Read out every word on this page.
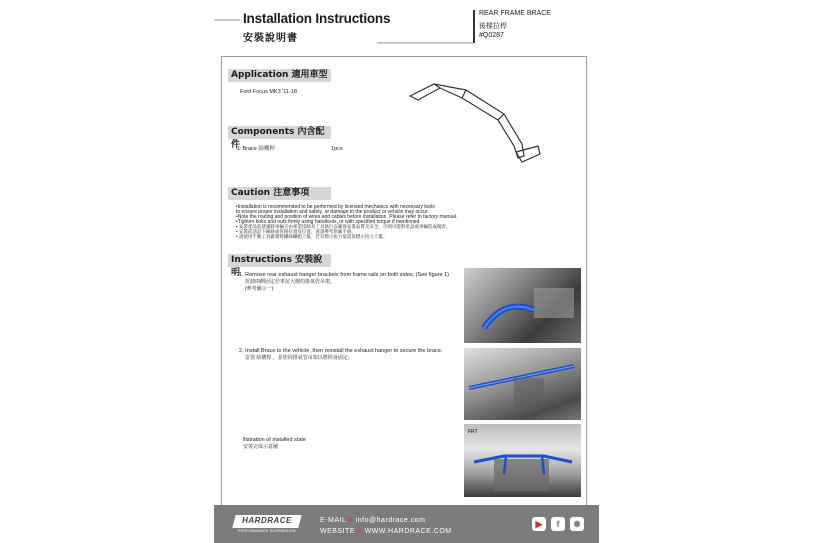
Installation Instructions
安裝說明書
REAR FRAME BRACE
後樑拉桿
#Q0287
Application 適用車型
Ford Focus MK3 '11-18
Components 內含配件
① Brace 結構桿	1pcs
Caution 注意事項
•Installation is recommended to be performed by licensed mechanics with necessary tools
to ensure proper installation and safety, or damage to the product or vehicle may occur.
•Note the routing and position of wires and cables before installation. Please refer to factory manual.
•Tighten bolts and nuts firmly using handtools, or with specified torque if mentioned.
• 安裝產品前建議將車輛交由專業技師及工具執行以確保安裝品質及安全，否則可能對產品或車輛造成傷害。
• 安裝前請記下線路或管路位置及位置，或請參考原廠手冊。
• 請使用手動工具確實將螺絲螺帽上緊，若有標示扭力值需依標示扭力上緊。
Instructions 安裝說明
1. Remove rear exhaust hanger brackets from frame rails on both sides. (See figure 1)
折卸兩側固定於車尾大樑的排氣管吊架。
(參考圖示一)
2. Install Brace to the vehicle, then reinstall the exhaust hanger to secure the brace.
安裝 結構桿 ，並依回排氣管吊架以將桿身固定。
llistration of installed state
安裝完成示意圖
FRT
HARDRACE
PERFORMANCE SUSPENSION
E-MAIL ● info@hardrace.com
WEBSITE ● WWW.HARDRACE.COM
▶	f	◉
